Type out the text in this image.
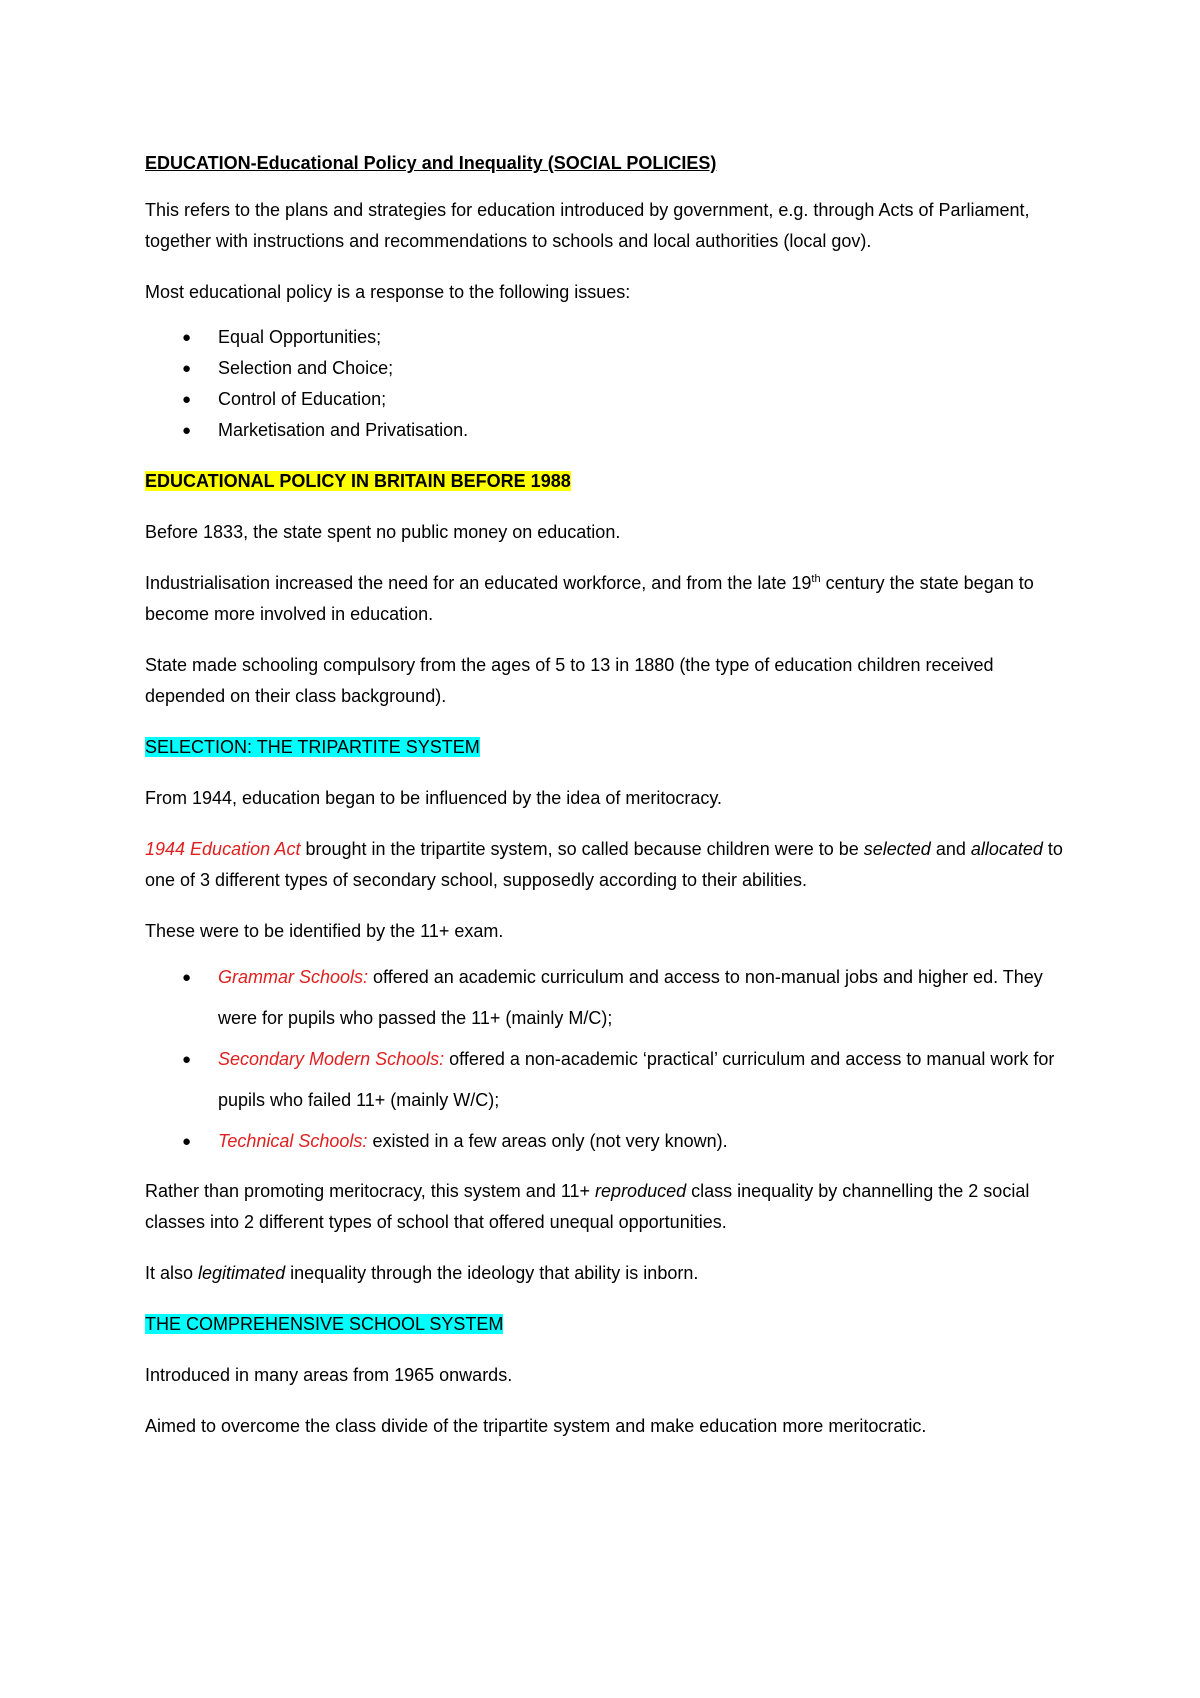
EDUCATION-Educational Policy and Inequality (SOCIAL POLICIES)

This refers to the plans and strategies for education introduced by government, e.g. through Acts of Parliament, together with instructions and recommendations to schools and local authorities (local gov).

Most educational policy is a response to the following issues:

● Equal Opportunities;
● Selection and Choice;
● Control of Education;
● Marketisation and Privatisation.

EDUCATIONAL POLICY IN BRITAIN BEFORE 1988

Before 1833, the state spent no public money on education.

Industrialisation increased the need for an educated workforce, and from the late 19th century the state began to become more involved in education.

State made schooling compulsory from the ages of 5 to 13 in 1880 (the type of education children received depended on their class background).

SELECTION: THE TRIPARTITE SYSTEM

From 1944, education began to be influenced by the idea of meritocracy.

1944 Education Act brought in the tripartite system, so called because children were to be selected and allocated to one of 3 different types of secondary school, supposedly according to their abilities.

These were to be identified by the 11+ exam.

● Grammar Schools: offered an academic curriculum and access to non-manual jobs and higher ed. They were for pupils who passed the 11+ (mainly M/C);
● Secondary Modern Schools: offered a non-academic ‘practical’ curriculum and access to manual work for pupils who failed 11+ (mainly W/C);
● Technical Schools: existed in a few areas only (not very known).

Rather than promoting meritocracy, this system and 11+ reproduced class inequality by channelling the 2 social classes into 2 different types of school that offered unequal opportunities.

It also legitimated inequality through the ideology that ability is inborn.

THE COMPREHENSIVE SCHOOL SYSTEM

Introduced in many areas from 1965 onwards.

Aimed to overcome the class divide of the tripartite system and make education more meritocratic.
